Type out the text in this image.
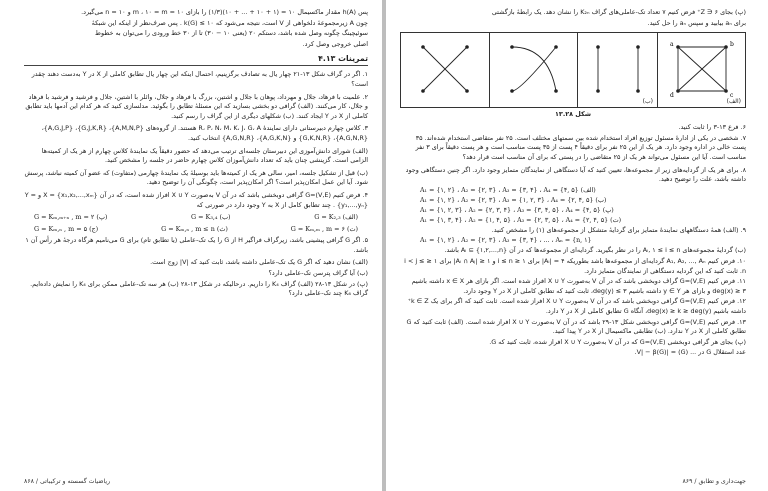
پس (A)h مقدار ماکسیمال ۱۰ = (۱ + ۱۰ + ... + ۱۰)(۱/۳) را بازای ۱۰ = m ، ۱۰ = m و ۱۰ = n می‌گیرد.

چون A زیرمجموعهٔ دلخواهی از V است، نتیجه می‌شود که ۱۰ ≥ (G)k . پس صرف‌نظر از اینکه این شبکهٔ

سوئیچینگ چگونه وصل شده باشد، دستکم ۲۰ (یعنی ۱۰ − ۳۰) تا از ۳۰ خط ورودی را می‌توان به خطوط

اصلی خروجی وصل کرد.

تمرینات ۴.۱۳

۱. اگر در گراف شکل ۱۳-۲۱ چهار یال به تصادف برگزینیم، احتمال اینکه این چهار یال تطابق کاملی از X در Y به‌دست دهند چقدر است؟

۲. علمیت با فرهاد، جلال و مهرداد، پوهان با جلال و اشتین، بزرگ با فرهاد و جلال، وائلر با اشتین، جلال و فرشید و فرشید با فرهاد و جلال، کار می‌کنند. (الف) گرافی دو بخشی بسازید که این مسئلهٔ تطابق را بگوئید. مدلسازی کنید که هر کدام این آدمها باید تطابق کاملی از X در Y ایجاد کنند. (ب) شکلهای دیگری از این گراف را رسم کنید.

۳. کلاس چهارم دبیرستانی دارای نمایندهٔ R، P، N، M، K، J، G، A هستند. از گروه‌های {A,M,N,P}، {G,J,K,R}، {A,G,J,P}، {A,G,N,R}، {G,K,N,R} و {A,G,K,N}، {A,G,N,R} انتخاب کنید.

(الف) شورای دانش‌آموزی این دبیرستان جلسه‌ای ترتیب می‌دهد که حضور دقیقاً یک نمایندهٔ کلاس چهارم از هر یک از کمیته‌ها الزامی است. گزینشی چنان باید که تعداد دانش‌آموزان کلاس چهارم حاضر در جلسه را مشخص کنید.

(ب) قبل از تشکیل جلسه، امیر، سالی هر یک از کمیته‌ها باید بوسیلهٔ یک نمایندهٔ چهارمی (متفاوت) که عضو آن کمیته نباشد، پرسش شود. آیا این عمل امکان‌پذیر است؟ اگر امکان‌پذیر است، چگونگی آن را توضیح دهید.

۴. فرض کنیم (V,E)=G گرافی دوبخشی باشد که در آن V به‌صورت X ∪ Y افراز شده است، که در آن X = {x₁,x₂,...,xₘ} و Y = {y₁,...,yₙ} . چند تطابق کامل از X به Y وجود دارد در صورتی که

(الف) G = K₂,₃
(ب) G = K₃,₄
(پ) G = Kₘ,ₘ₊ₙ , m = ۲
(ت) G = Kₘ,ₘ , m = ۶
(ث) G = Kₘ,ₙ , m ≤ n
(ج) G = Kₘ,ₙ , m = ۵

۵. اگر G گرافی پیشینی باشد، زیرگراف فراگیر H از G را یک تک-عاملی (یا تطابق تام) برای G می‌نامیم هرگاه درجهٔ هر رأس آن ۱ باشد.

(الف) نشان دهید که اگر G یک تک-عاملی داشته باشد، ثابت کنید که |V| زوج است.

(ب) آیا گراف پترسن تک-عاملی دارد؟

(پ) در شکل ۱۳-۲۸ (الف) گراف K₄ را داریم. درحالیکه در شکل ۱۳-۲۸ (ب) هر سه تک-عاملی ممکن برای K₄ را نمایش داده‌ایم. گراف K₆ چند تک-عاملی دارد؟

۸۶۸ / ریاضیات گسسته و ترکیباتی

(پ) بجای ۶ ∈ Z⁺ فرض کنیم ۷ تعداد تک-عاملی‌های گراف K₂ₙ را نشان دهد. یک رابطهٔ بازگشتی

برای aₙ بیابید و سپس aₙ را حل کنید.

(ب)
a	b
c
d
(الف)
شکل ۱۳.۲۸

۶. فرع ۱۳-۳ را ثابت کنید.

۷. شخصی در یکی از ادارهٔ مسئول توزیع افراد استخدام شده بین سمتهای مختلف است. ۲۵ نفر متقاضی استخدام شده‌اند. ۳۵ پست خالی در اداره وجود دارد. هر یک از این ۲۵ نفر برای دقیقاً ۴ پست از ۳۵ پست مناسب است و هر پست دقیقاً برای ۳ نفر مناسب است. آیا این مسئول می‌تواند هر یک از ۲۵ متقاضی را در پستی که برای آن مناسب است قرار دهد؟

۸. برای هر یک از گردایه‌های زیر از مجموعه‌ها، تعیین کنید که آیا دستگاهی از نمایندگان متمایز وجود دارد. اگر چنین دستگاهی وجود داشته باشد، علت را توضیح دهید.

A₁ = {۱, ۲} ، A₂ = {۲, ۳} ، A₃ = {۳, ۴} ، A₄ = {۴, ۵} (الف)
A₁ = {۱, ۲} ، A₂ = {۲, ۳} ، A₃ = {۱, ۲, ۳} ، A₄ = {۲, ۴, ۵} (ب)
A₁ = {۱, ۲, ۳} ، A₂ = {۲, ۳, ۴} ، A₃ = {۳, ۴, ۵} ، A₄ = {۴, ۵} (پ)
A₁ = {۱, ۳, ۴} ، A₂ = {۱, ۴, ۵} ، A₃ = {۲, ۳, ۵} ، A₄ = {۲, ۴, ۵} (ت)

۹. (الف) همهٔ دستگاههای نمایندهٔ متمایز برای گردایهٔ متشکل از مجموعه‌های (۱) را مشخص کنید.

A₁ = {۱, ۲} ، A₂ = {۲, ۳} ، A₃ = {۳, ۴} ، ... ، Aₙ = {n, ۱}

(ب) گردایهٔ مجموعه‌های Aᵢ, ۱ ≤ i ≤ n را در نظر بگیرید. گردایه‌ای از مجموعه‌ها که در آن Aᵢ ⊆ {۱,۲,...,n} باشد.

۱۰. فرض کنیم A₁, A₂, ..., Aₙ گردایه‌ای از مجموعه‌ها باشد بطوریکه ۴ = |Aᵢ| برای ۱ ≤ i ≤ n و ۱ ≤ |Aᵢ ∩ Aⱼ| برای ۱ ≤ i < j ≤ n. ثابت کنید که این گردایه دستگاهی از نمایندگان متمایز دارد.

۱۱. فرض کنیم (V,E)=G گراف دوبخشی باشد که در آن V به‌صورت X ∪ Y افراز شده است. اگر بازای هر x ∈ X داشته باشیم deg(x) ≥ ۳ و بازای هر y ∈ Y داشته باشیم deg(y) ≤ ۳، ثابت کنید که تطابق کاملی از X در Y وجود دارد.

۱۲. فرض کنیم (V,E)=G گرافی دوبخشی باشد که در آن V به‌صورت X ∪ Y افراز شده است. ثابت کنید که اگر برای یک k ∈ Z⁺ داشته باشیم deg(x) ≥ k ≥ deg(y)، آنگاه G تطابق کاملی از X در Y دارد.

۱۳. فرض کنیم (V,E)=G گرافی دوبخشی شکل ۱۳-۲۹ باشد که در آن V به‌صورت X ∪ Y افراز شده است. (الف) ثابت کنید که G تطابق کاملی از X در Y ندارد. (ب) تطابقی ماکسیمال از X در Y پیدا کنید.

(پ) بجای هر گرافی دوبخشی (V,E)=G که در آن V به‌صورت X ∪ Y افراز شده، ثابت کنید که G.

عدد استقلال G در ... (G) = |V| − β(G).

جهت‌داری و تطابق / ۸۶۹
